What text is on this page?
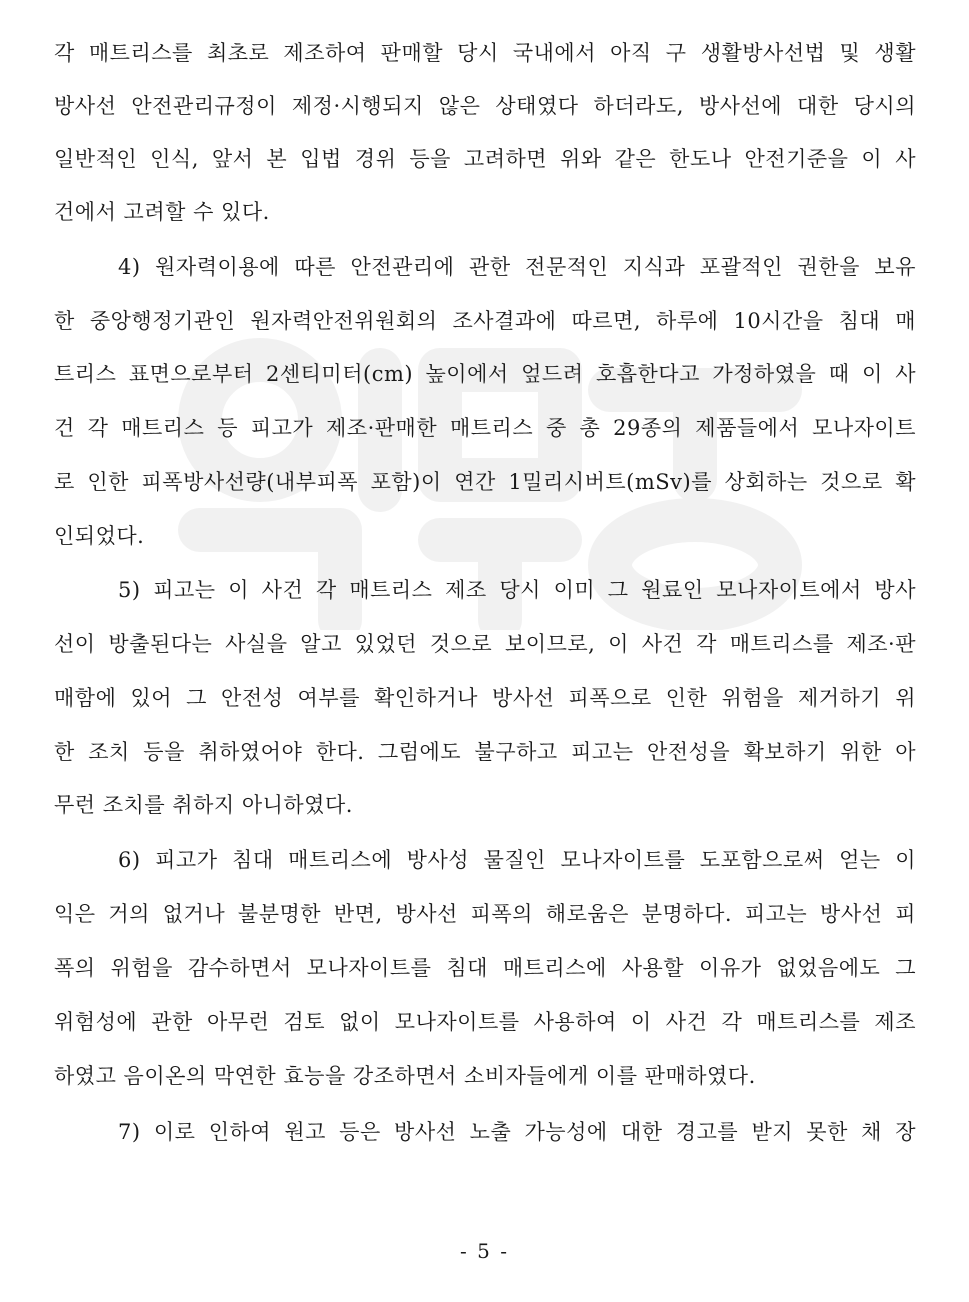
각 매트리스를 최초로 제조하여 판매할 당시 국내에서 아직 구 생활방사선법 및 생활
방사선 안전관리규정이 제정·시행되지 않은 상태였다 하더라도, 방사선에 대한 당시의
일반적인 인식, 앞서 본 입법 경위 등을 고려하면 위와 같은 한도나 안전기준을 이 사
건에서 고려할 수 있다.
4) 원자력이용에 따른 안전관리에 관한 전문적인 지식과 포괄적인 권한을 보유
한 중앙행정기관인 원자력안전위원회의 조사결과에 따르면, 하루에 10시간을 침대 매
트리스 표면으로부터 2센티미터(cm) 높이에서 엎드려 호흡한다고 가정하였을 때 이 사
건 각 매트리스 등 피고가 제조·판매한 매트리스 중 총 29종의 제품들에서 모나자이트
로 인한 피폭방사선량(내부피폭 포함)이 연간 1밀리시버트(mSv)를 상회하는 것으로 확
인되었다.
5) 피고는 이 사건 각 매트리스 제조 당시 이미 그 원료인 모나자이트에서 방사
선이 방출된다는 사실을 알고 있었던 것으로 보이므로, 이 사건 각 매트리스를 제조·판
매함에 있어 그 안전성 여부를 확인하거나 방사선 피폭으로 인한 위험을 제거하기 위
한 조치 등을 취하였어야 한다. 그럼에도 불구하고 피고는 안전성을 확보하기 위한 아
무런 조치를 취하지 아니하였다.
6) 피고가 침대 매트리스에 방사성 물질인 모나자이트를 도포함으로써 얻는 이
익은 거의 없거나 불분명한 반면, 방사선 피폭의 해로움은 분명하다. 피고는 방사선 피
폭의 위험을 감수하면서 모나자이트를 침대 매트리스에 사용할 이유가 없었음에도 그
위험성에 관한 아무런 검토 없이 모나자이트를 사용하여 이 사건 각 매트리스를 제조
하였고 음이온의 막연한 효능을 강조하면서 소비자들에게 이를 판매하였다.
7) 이로 인하여 원고 등은 방사선 노출 가능성에 대한 경고를 받지 못한 채 장
- 5 -
